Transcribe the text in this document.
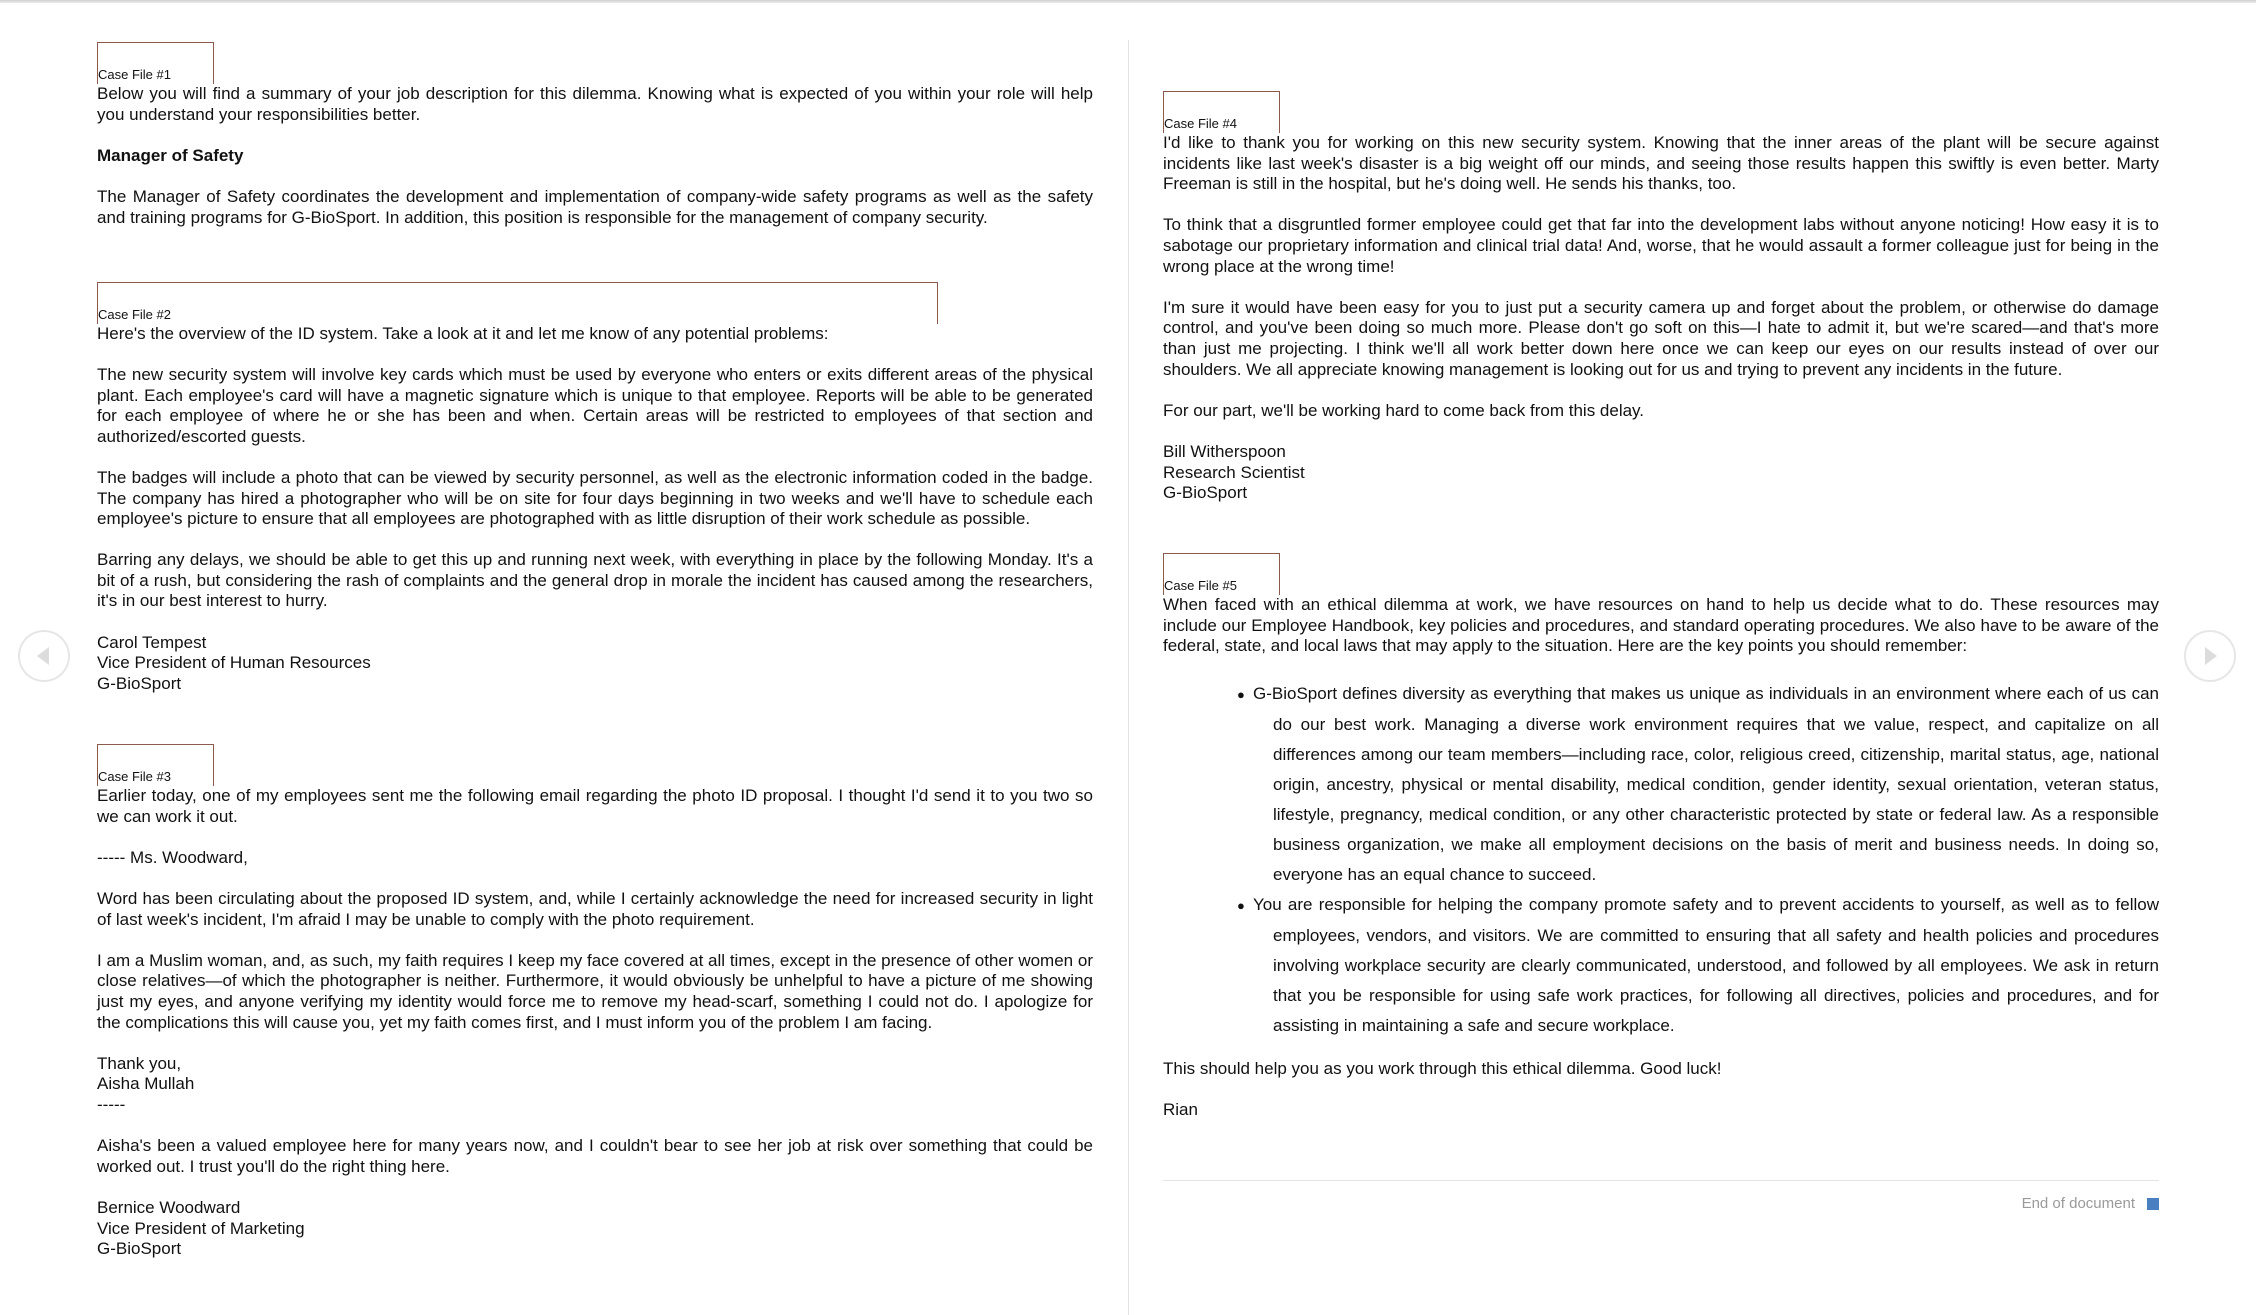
Case File #1

Below you will find a summary of your job description for this dilemma. Knowing what is expected of you within your role will help you understand your responsibilities better.

Manager of Safety

The Manager of Safety coordinates the development and implementation of company-wide safety programs as well as the safety and training programs for G-BioSport. In addition, this position is responsible for the management of company security.

Case File #2

Here's the overview of the ID system. Take a look at it and let me know of any potential problems:

The new security system will involve key cards which must be used by everyone who enters or exits different areas of the physical plant. Each employee's card will have a magnetic signature which is unique to that employee. Reports will be able to be generated for each employee of where he or she has been and when. Certain areas will be restricted to employees of that section and authorized/escorted guests.

The badges will include a photo that can be viewed by security personnel, as well as the electronic information coded in the badge. The company has hired a photographer who will be on site for four days beginning in two weeks and we'll have to schedule each employee's picture to ensure that all employees are photographed with as little disruption of their work schedule as possible.

Barring any delays, we should be able to get this up and running next week, with everything in place by the following Monday. It's a bit of a rush, but considering the rash of complaints and the general drop in morale the incident has caused among the researchers, it's in our best interest to hurry.

Carol Tempest
Vice President of Human Resources
G-BioSport
Case File #3

Earlier today, one of my employees sent me the following email regarding the photo ID proposal. I thought I'd send it to you two so we can work it out.

----- Ms. Woodward,

Word has been circulating about the proposed ID system, and, while I certainly acknowledge the need for increased security in light of last week's incident, I'm afraid I may be unable to comply with the photo requirement.

I am a Muslim woman, and, as such, my faith requires I keep my face covered at all times, except in the presence of other women or close relatives—of which the photographer is neither. Furthermore, it would obviously be unhelpful to have a picture of me showing just my eyes, and anyone verifying my identity would force me to remove my head-scarf, something I could not do. I apologize for the complications this will cause you, yet my faith comes first, and I must inform you of the problem I am facing.

Thank you,
Aisha Mullah
-----

Aisha's been a valued employee here for many years now, and I couldn't bear to see her job at risk over something that could be worked out. I trust you'll do the right thing here.

Bernice Woodward
Vice President of Marketing
G-BioSport
Case File #4

I'd like to thank you for working on this new security system. Knowing that the inner areas of the plant will be secure against incidents like last week's disaster is a big weight off our minds, and seeing those results happen this swiftly is even better. Marty Freeman is still in the hospital, but he's doing well. He sends his thanks, too.

To think that a disgruntled former employee could get that far into the development labs without anyone noticing! How easy it is to sabotage our proprietary information and clinical trial data! And, worse, that he would assault a former colleague just for being in the wrong place at the wrong time!

I'm sure it would have been easy for you to just put a security camera up and forget about the problem, or otherwise do damage control, and you've been doing so much more. Please don't go soft on this—I hate to admit it, but we're scared—and that's more than just me projecting. I think we'll all work better down here once we can keep our eyes on our results instead of over our shoulders. We all appreciate knowing management is looking out for us and trying to prevent any incidents in the future.

For our part, we'll be working hard to come back from this delay.

Bill Witherspoon
Research Scientist
G-BioSport
Case File #5

When faced with an ethical dilemma at work, we have resources on hand to help us decide what to do. These resources may include our Employee Handbook, key policies and procedures, and standard operating procedures. We also have to be aware of the federal, state, and local laws that may apply to the situation. Here are the key points you should remember:

● G-BioSport defines diversity as everything that makes us unique as individuals in an environment where each of us can do our best work. Managing a diverse work environment requires that we value, respect, and capitalize on all differences among our team members—including race, color, religious creed, citizenship, marital status, age, national origin, ancestry, physical or mental disability, medical condition, gender identity, sexual orientation, veteran status, lifestyle, pregnancy, medical condition, or any other characteristic protected by state or federal law. As a responsible business organization, we make all employment decisions on the basis of merit and business needs. In doing so, everyone has an equal chance to succeed.
● You are responsible for helping the company promote safety and to prevent accidents to yourself, as well as to fellow employees, vendors, and visitors. We are committed to ensuring that all safety and health policies and procedures involving workplace security are clearly communicated, understood, and followed by all employees. We ask in return that you be responsible for using safe work practices, for following all directives, policies and procedures, and for assisting in maintaining a safe and secure workplace.

This should help you as you work through this ethical dilemma. Good luck!

Rian

End of document
